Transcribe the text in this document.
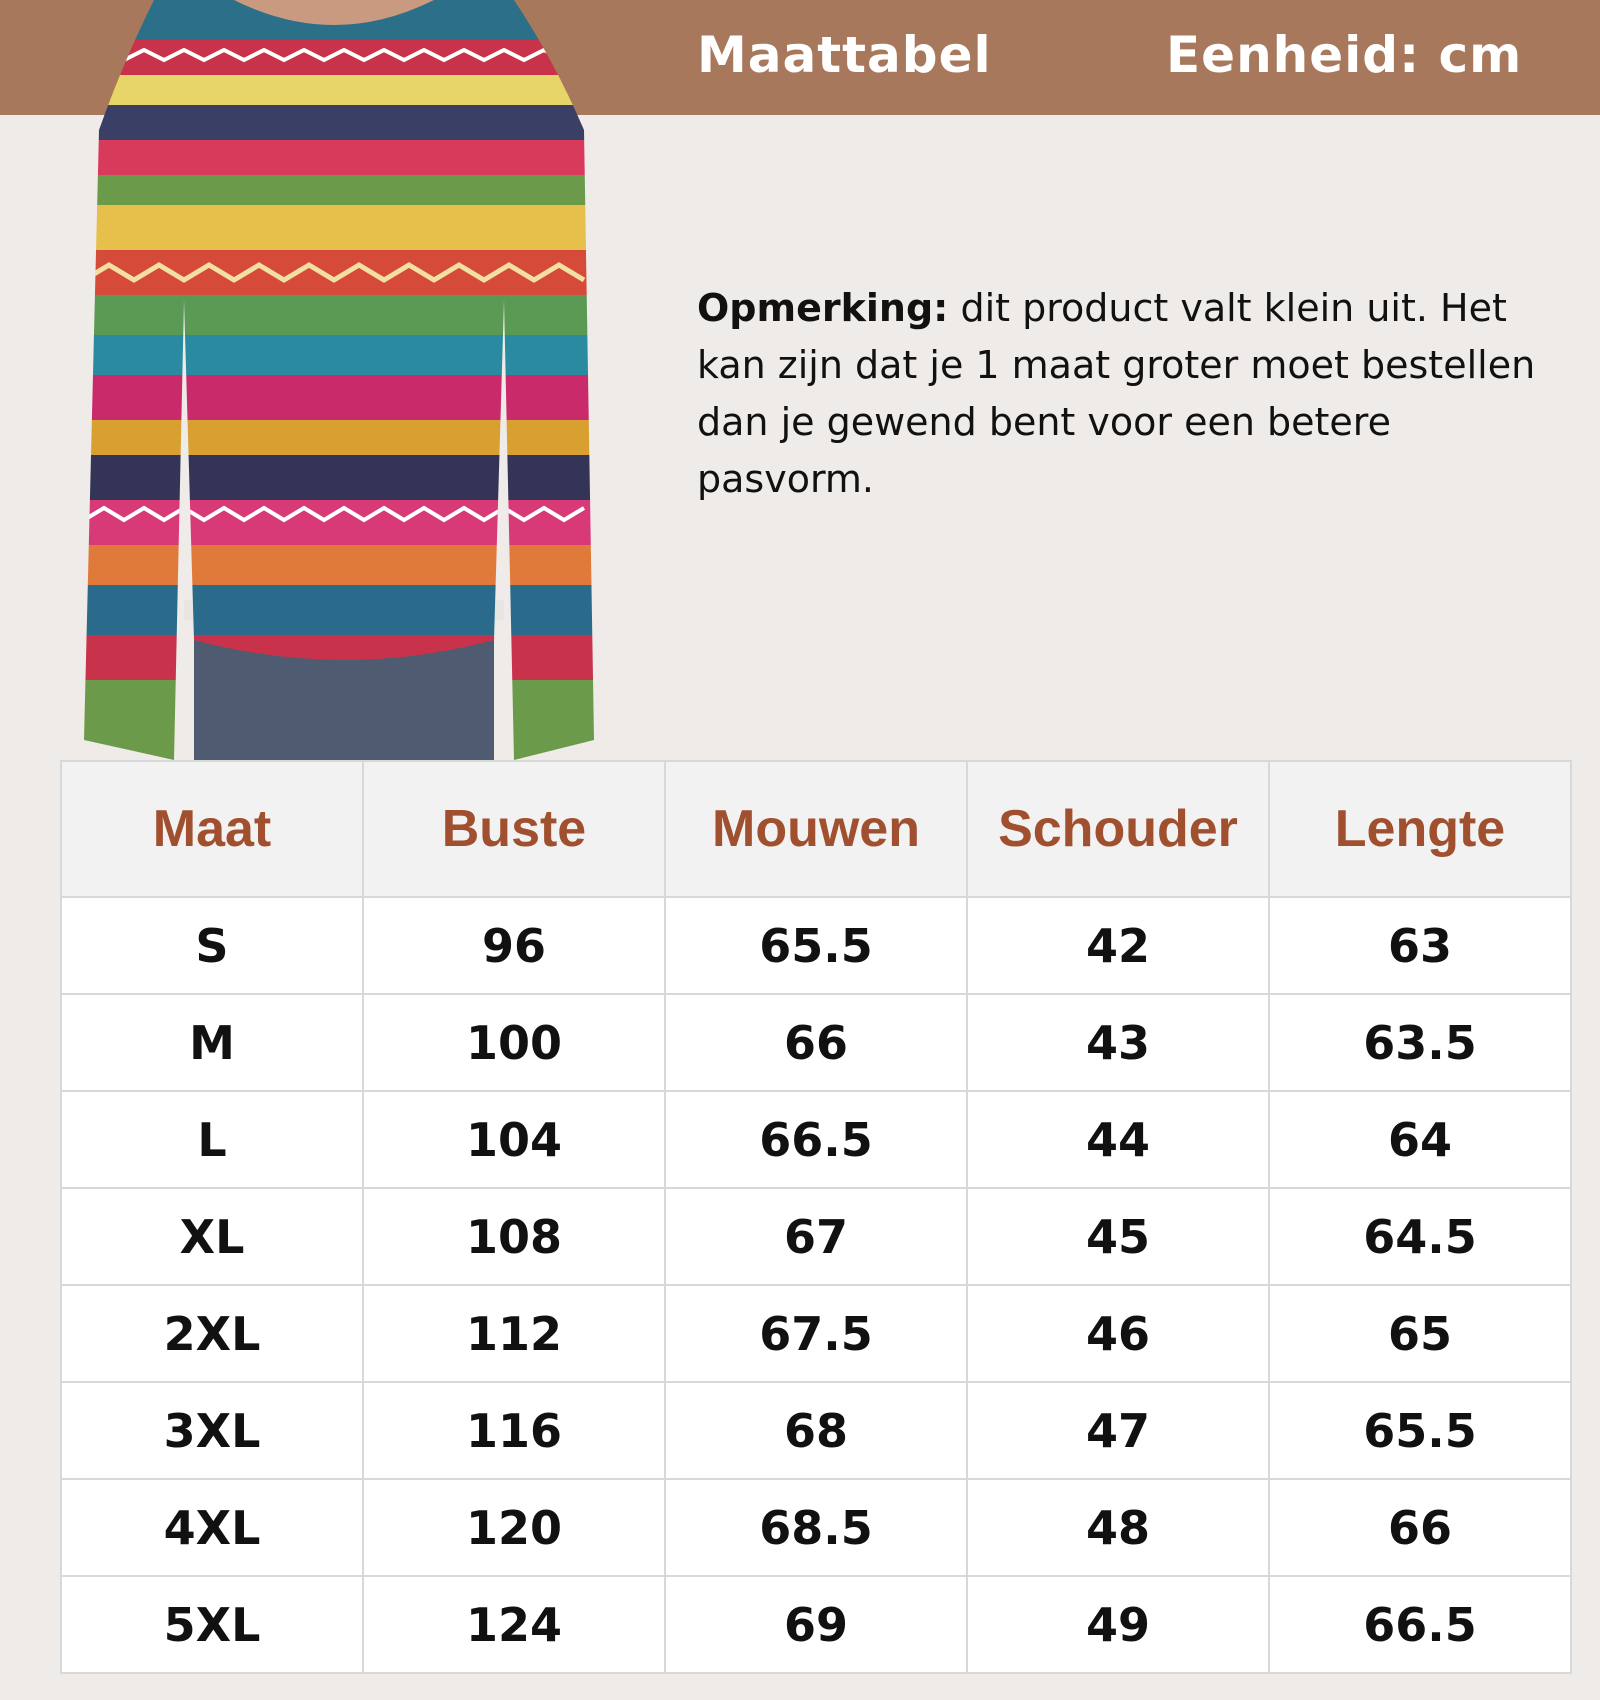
Maattabel	Eenheid: cm
Opmerking: dit product valt klein uit. Het kan zijn dat je 1 maat groter moet bestellen dan je gewend bent voor een betere pasvorm.
Maat	Buste	Mouwen	Schouder	Lengte
S	96	65.5	42	63
M	100	66	43	63.5
L	104	66.5	44	64
XL	108	67	45	64.5
2XL	112	67.5	46	65
3XL	116	68	47	65.5
4XL	120	68.5	48	66
5XL	124	69	49	66.5
